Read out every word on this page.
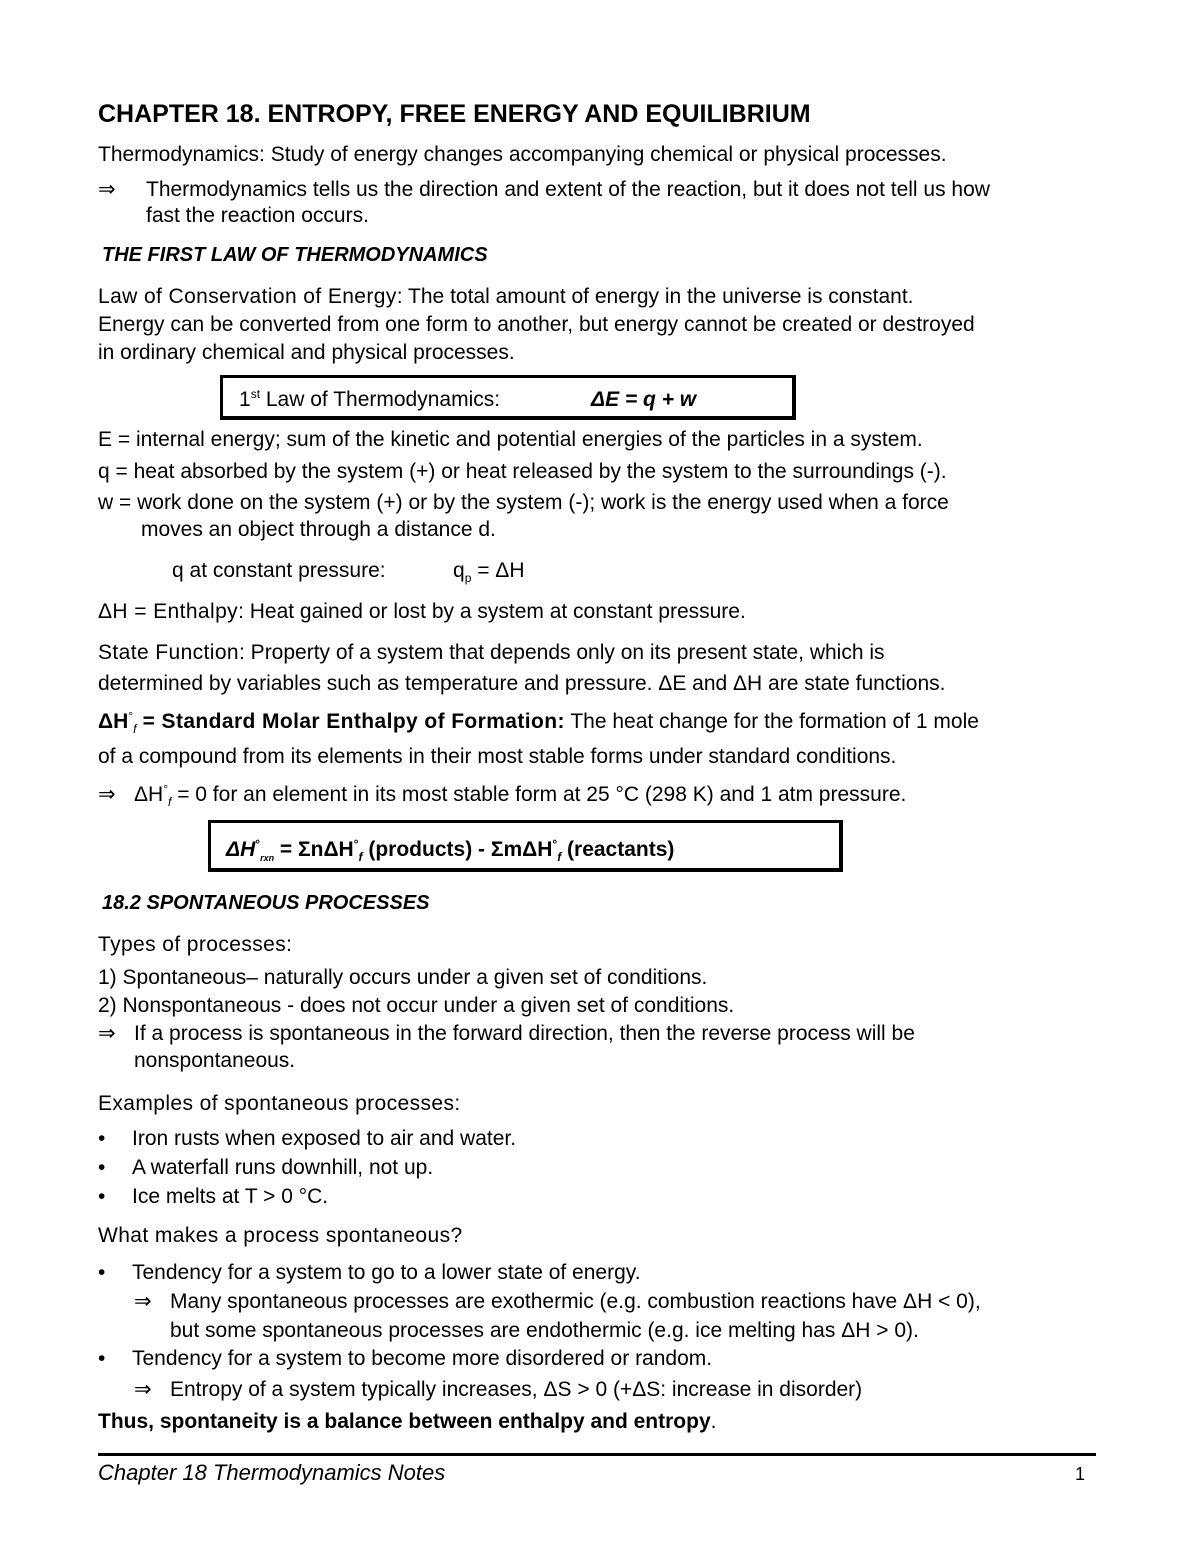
CHAPTER 18. ENTROPY, FREE ENERGY AND EQUILIBRIUM
Thermodynamics: Study of energy changes accompanying chemical or physical processes.
⇒ Thermodynamics tells us the direction and extent of the reaction, but it does not tell us how
fast the reaction occurs.
THE FIRST LAW OF THERMODYNAMICS
Law of Conservation of Energy: The total amount of energy in the universe is constant.
Energy can be converted from one form to another, but energy cannot be created or destroyed
in ordinary chemical and physical processes.
1st Law of Thermodynamics:	ΔE = q + w
E = internal energy; sum of the kinetic and potential energies of the particles in a system.
q = heat absorbed by the system (+) or heat released by the system to the surroundings (-).
w = work done on the system (+) or by the system (-); work is the energy used when a force
moves an object through a distance d.
q at constant pressure:	$q_p = \Delta H$
ΔH = Enthalpy: Heat gained or lost by a system at constant pressure.
State Function: Property of a system that depends only on its present state, which is
determined by variables such as temperature and pressure. ΔE and ΔH are state functions.
$\Delta H^\circ_f$ = Standard Molar Enthalpy of Formation: The heat change for the formation of 1 mole
of a compound from its elements in their most stable forms under standard conditions.
⇒ $\Delta H^\circ_f = 0$ for an element in its most stable form at 25 °C (298 K) and 1 atm pressure.
$\Delta H^\circ_{rxn} = \Sigma n\Delta H^\circ_f$ (products) - ΣmΔH°$_f$ (reactants)
18.2 SPONTANEOUS PROCESSES
Types of processes:
1) Spontaneous– naturally occurs under a given set of conditions.
2) Nonspontaneous - does not occur under a given set of conditions.
⇒ If a process is spontaneous in the forward direction, then the reverse process will be
nonspontaneous.
Examples of spontaneous processes:
• Iron rusts when exposed to air and water.
• A waterfall runs downhill, not up.
• Ice melts at T > 0 °C.
What makes a process spontaneous?
• Tendency for a system to go to a lower state of energy.
⇒ Many spontaneous processes are exothermic (e.g. combustion reactions have ΔH < 0),
but some spontaneous processes are endothermic (e.g. ice melting has ΔH > 0).
• Tendency for a system to become more disordered or random.
⇒ Entropy of a system typically increases, ΔS > 0 (+ΔS: increase in disorder)
Thus, spontaneity is a balance between enthalpy and entropy.
Chapter 18 Thermodynamics Notes	1
